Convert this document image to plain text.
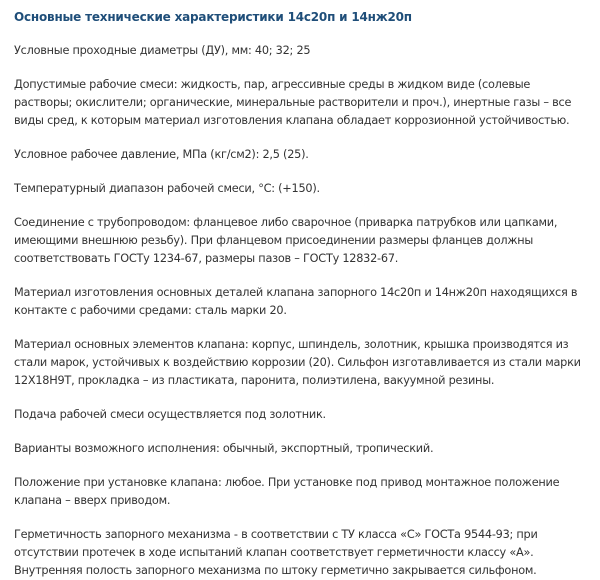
Основные технические характеристики 14с20п и 14нж20п

Условные проходные диаметры (ДУ), мм: 40; 32; 25

Допустимые рабочие смеси: жидкость, пар, агрессивные среды в жидком виде (солевые растворы; окислители; органические, минеральные растворители и проч.), инертные газы – все виды сред, к которым материал изготовления клапана обладает коррозионной устойчивостью.

Условное рабочее давление, МПа (кг/см2): 2,5 (25).

Температурный диапазон рабочей смеси, °С: (+150).

Соединение с трубопроводом: фланцевое либо сварочное (приварка патрубков или цапками, имеющими внешнюю резьбу). При фланцевом присоединении размеры фланцев должны соответствовать ГОСТу 1234-67, размеры пазов – ГОСТу 12832-67.

Материал изготовления основных деталей клапана запорного 14с20п и 14нж20п находящихся в контакте с рабочими средами: сталь марки 20.

Материал основных элементов клапана: корпус, шпиндель, золотник, крышка производятся из стали марок, устойчивых к воздействию коррозии (20). Сильфон изготавливается из стали марки 12Х18Н9Т, прокладка – из пластиката, паронита, полиэтилена, вакуумной резины.

Подача рабочей смеси осуществляется под золотник.

Варианты возможного исполнения: обычный, экспортный, тропический.

Положение при установке клапана: любое. При установке под привод монтажное положение клапана – вверх приводом.

Герметичность запорного механизма - в соответствии с ТУ класса «С» ГОСТа 9544-93; при отсутствии протечек в ходе испытаний клапан соответствует герметичности классу «А». Внутренняя полость запорного механизма по штоку герметично закрывается сильфоном.
